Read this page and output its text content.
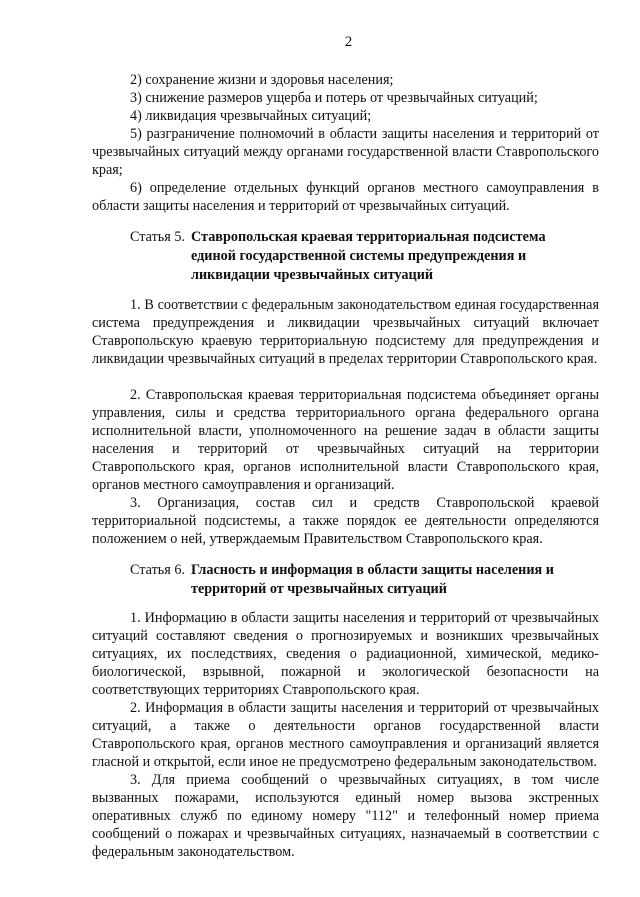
2

2) сохранение жизни и здоровья населения;

3) снижение размеров ущерба и потерь от чрезвычайных ситуаций;

4) ликвидация чрезвычайных ситуаций;

5) разграничение полномочий в области защиты населения и территорий от чрезвычайных ситуаций между органами государственной власти Ставропольского края;

6) определение отдельных функций органов местного самоуправления в области защиты населения и территорий от чрезвычайных ситуаций.

Статья 5. Ставропольская краевая территориальная подсистема единой государственной системы предупреждения и ликвидации чрезвычайных ситуаций

1. В соответствии с федеральным законодательством единая государственная система предупреждения и ликвидации чрезвычайных ситуаций включает Ставропольскую краевую территориальную подсистему для предупреждения и ликвидации чрезвычайных ситуаций в пределах территории Ставропольского края.

2. Ставропольская краевая территориальная подсистема объединяет органы управления, силы и средства территориального органа федерального органа исполнительной власти, уполномоченного на решение задач в области защиты населения и территорий от чрезвычайных ситуаций на территории Ставропольского края, органов исполнительной власти Ставропольского края, органов местного самоуправления и организаций.

3. Организация, состав сил и средств Ставропольской краевой территориальной подсистемы, а также порядок ее деятельности определяются положением о ней, утверждаемым Правительством Ставропольского края.

Статья 6. Гласность и информация в области защиты населения и территорий от чрезвычайных ситуаций

1. Информацию в области защиты населения и территорий от чрезвычайных ситуаций составляют сведения о прогнозируемых и возникших чрезвычайных ситуациях, их последствиях, сведения о радиационной, химической, медико-биологической, взрывной, пожарной и экологической безопасности на соответствующих территориях Ставропольского края.

2. Информация в области защиты населения и территорий от чрезвычайных ситуаций, а также о деятельности органов государственной власти Ставропольского края, органов местного самоуправления и организаций является гласной и открытой, если иное не предусмотрено федеральным законодательством.

3. Для приема сообщений о чрезвычайных ситуациях, в том числе вызванных пожарами, используются единый номер вызова экстренных оперативных служб по единому номеру "112" и телефонный номер приема сообщений о пожарах и чрезвычайных ситуациях, назначаемый в соответствии с федеральным законодательством.
